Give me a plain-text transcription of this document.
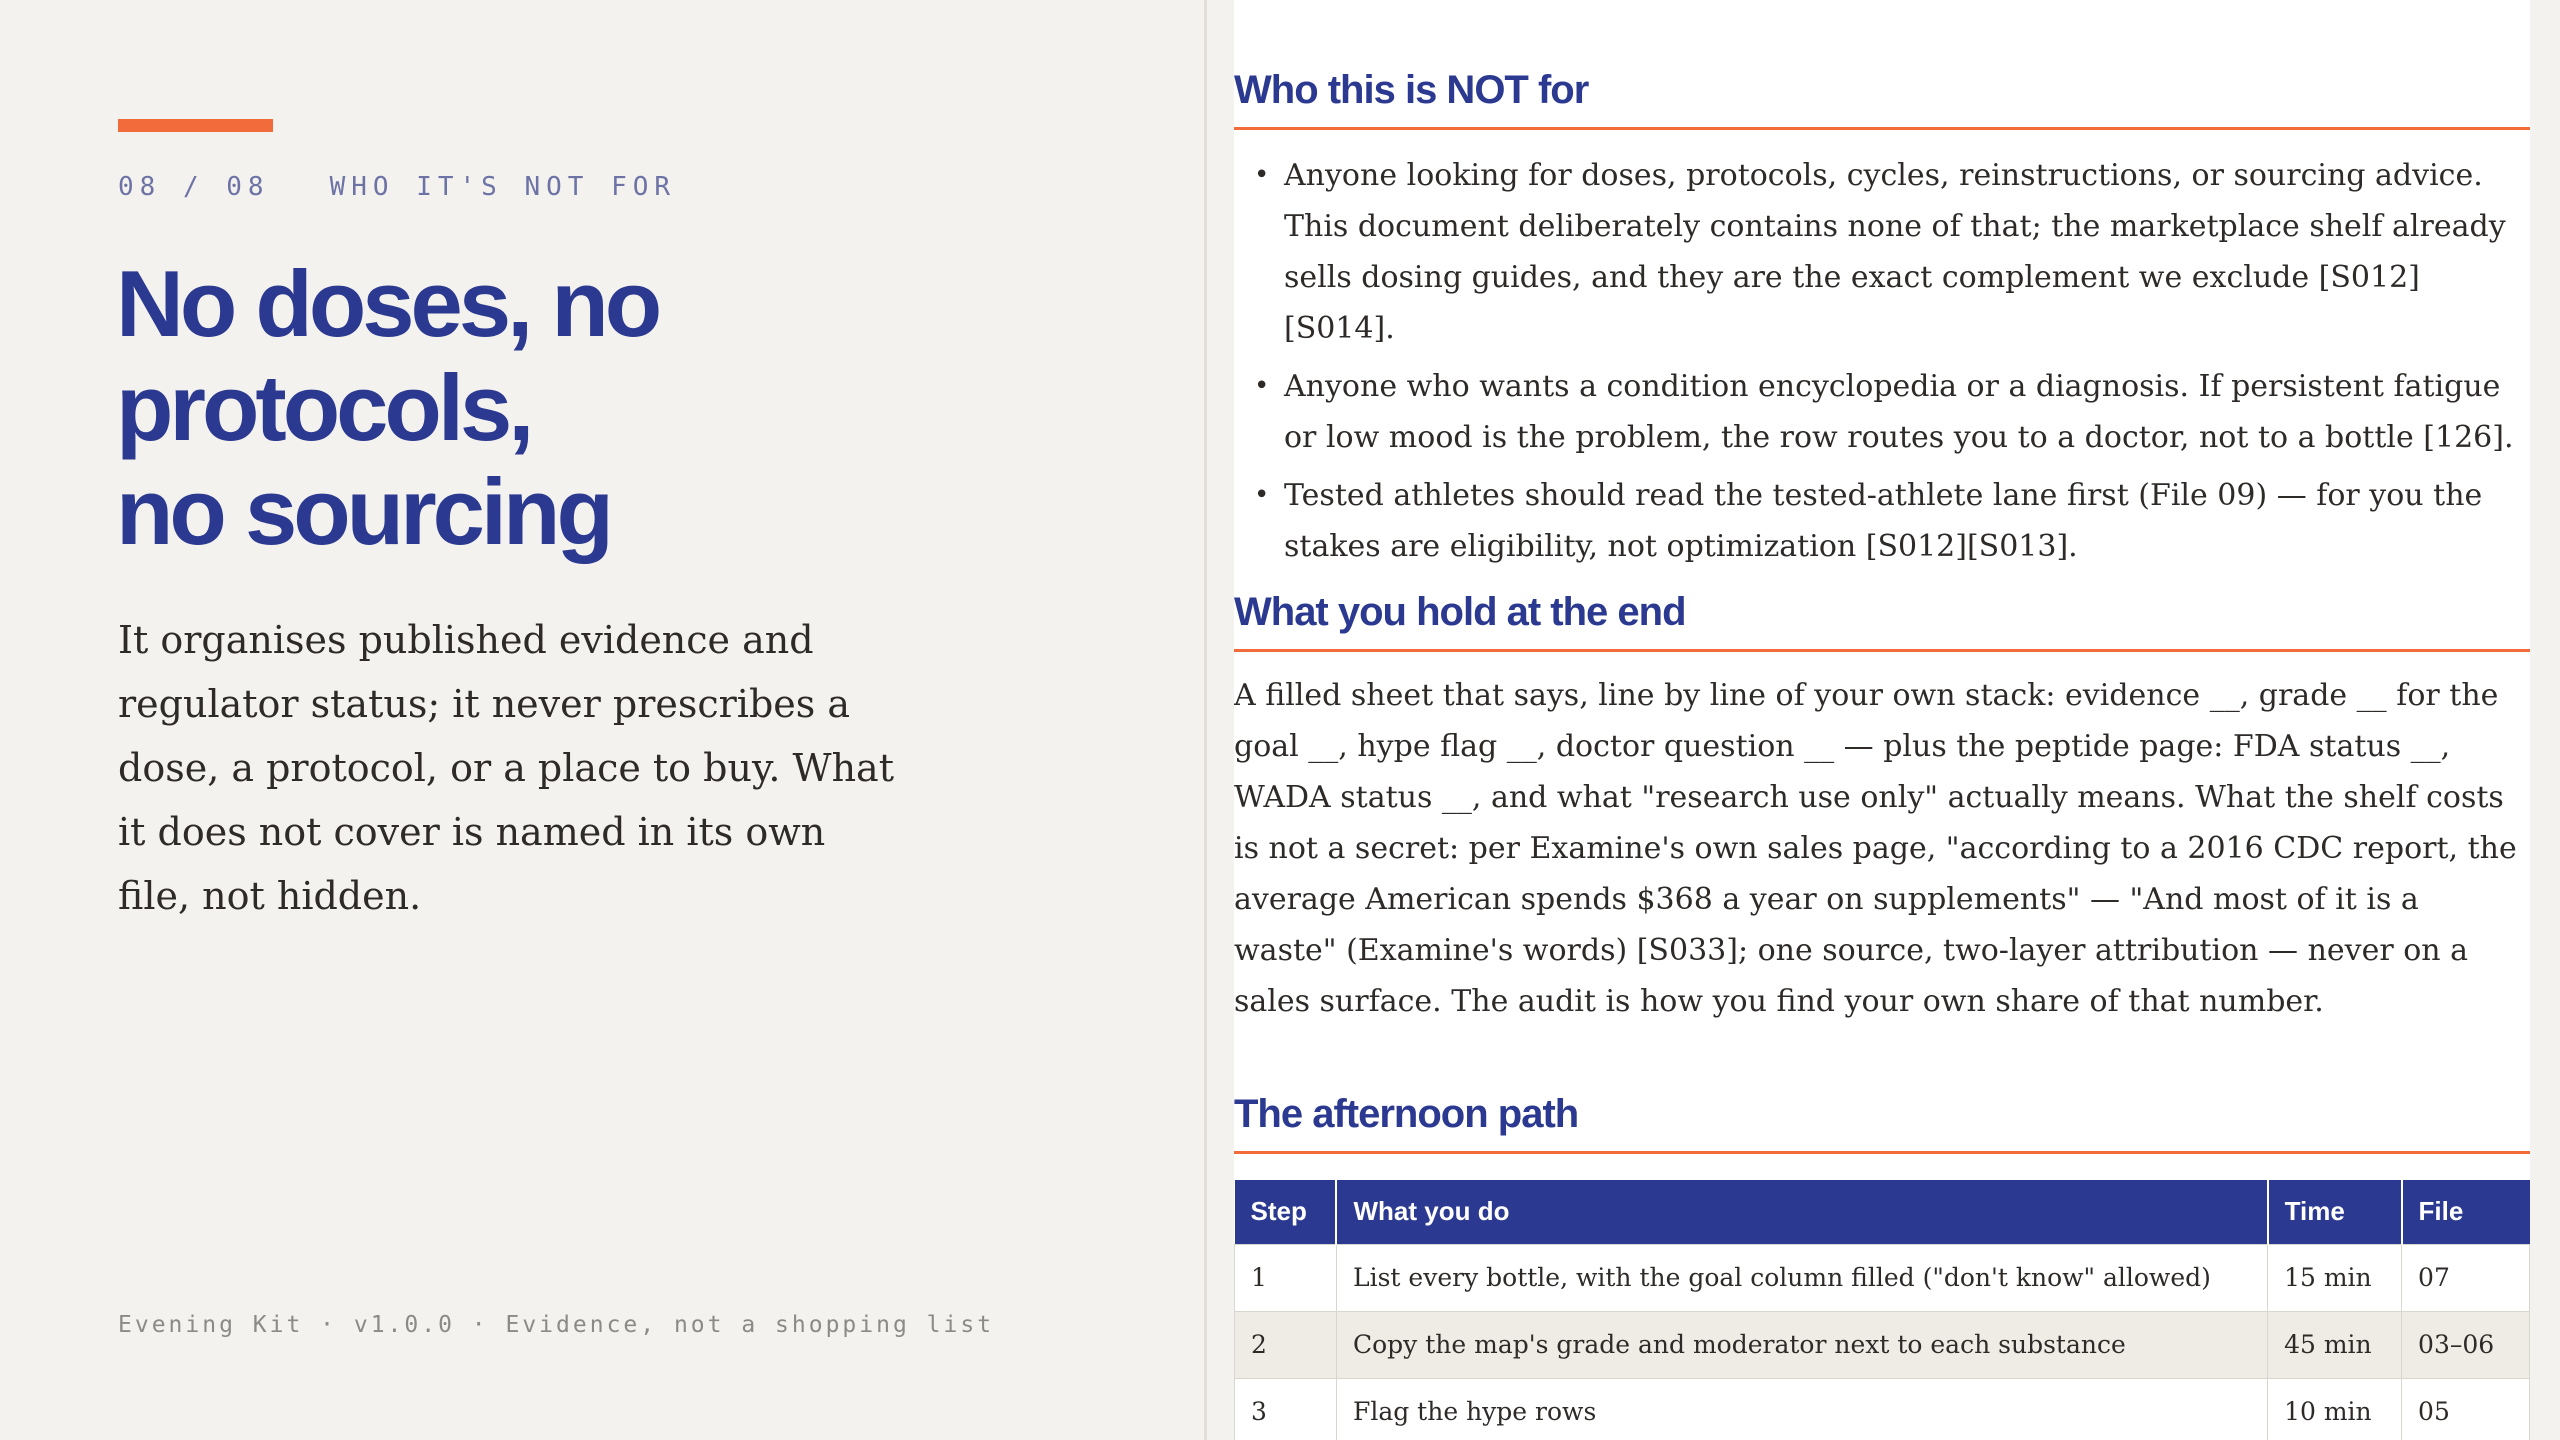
08 / 08 WHO IT'S NOT FOR
No doses, no
protocols,
no sourcing

It organises published evidence and regulator status; it never prescribes a dose, a protocol, or a place to buy. What it does not cover is named in its own file, not hidden.

Evening Kit · v1.0.0 · Evidence, not a shopping list
Who this is NOT for
• Anyone looking for doses, protocols, cycles, reinstructions, or sourcing advice. This document deliberately contains none of that; the marketplace shelf already sells dosing guides, and they are the exact complement we exclude [S012][S014].
• Anyone who wants a condition encyclopedia or a diagnosis. If persistent fatigue or low mood is the problem, the row routes you to a doctor, not to a bottle [126].
• Tested athletes should read the tested-athlete lane first (File 09) — for you the stakes are eligibility, not optimization [S012][S013].
What you hold at the end

A filled sheet that says, line by line of your own stack: evidence __, grade __ for the goal __, hype flag __, doctor question __ — plus the peptide page: FDA status __, WADA status __, and what "research use only" actually means. What the shelf costs is not a secret: per Examine's own sales page, "according to a 2016 CDC report, the average American spends $368 a year on supplements" — "And most of it is a waste" (Examine's words) [S033]; one source, two-layer attribution — never on a sales surface. The audit is how you find your own share of that number.

The afternoon path
Step	What you do	Time	File
1	List every bottle, with the goal column filled ("don't know" allowed)	15 min	07
2	Copy the map's grade and moderator next to each substance	45 min	03–06
3	Flag the hype rows	10 min	05
